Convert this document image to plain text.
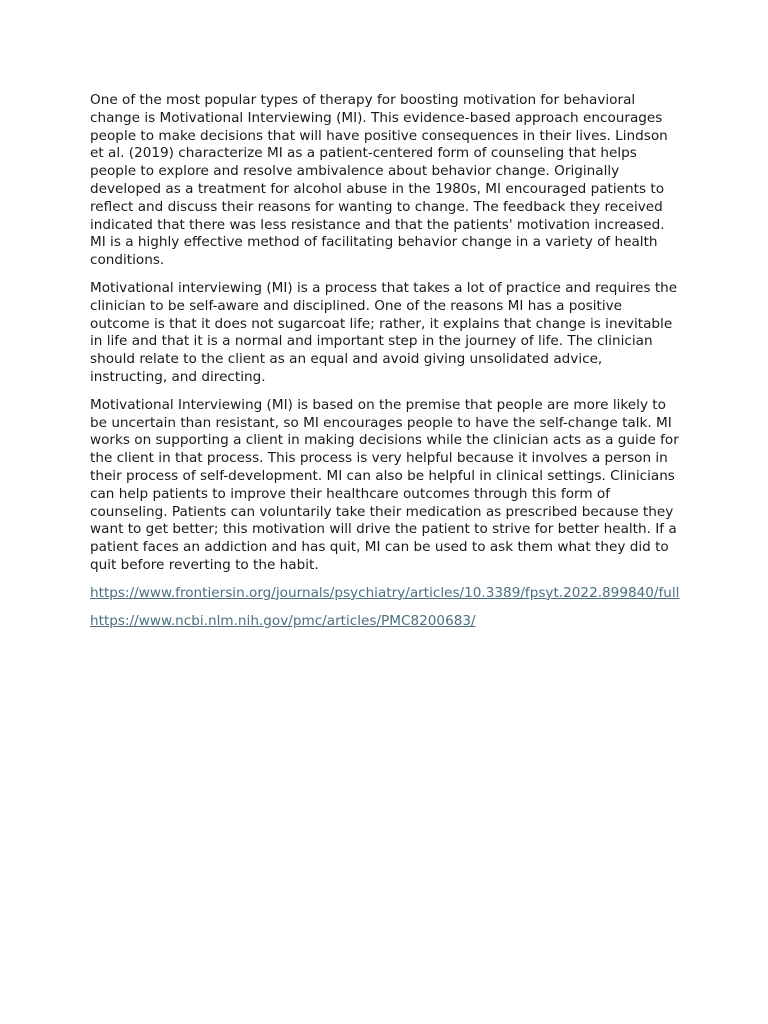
One of the most popular types of therapy for boosting motivation for behavioral change is Motivational Interviewing (MI). This evidence-based approach encourages people to make decisions that will have positive consequences in their lives. Lindson et al. (2019) characterize MI as a patient-centered form of counseling that helps people to explore and resolve ambivalence about behavior change. Originally developed as a treatment for alcohol abuse in the 1980s, MI encouraged patients to reflect and discuss their reasons for wanting to change. The feedback they received indicated that there was less resistance and that the patients' motivation increased. MI is a highly effective method of facilitating behavior change in a variety of health conditions.

Motivational interviewing (MI) is a process that takes a lot of practice and requires the clinician to be self-aware and disciplined. One of the reasons MI has a positive outcome is that it does not sugarcoat life; rather, it explains that change is inevitable in life and that it is a normal and important step in the journey of life. The clinician should relate to the client as an equal and avoid giving unsolidated advice, instructing, and directing.

Motivational Interviewing (MI) is based on the premise that people are more likely to be uncertain than resistant, so MI encourages people to have the self-change talk. MI works on supporting a client in making decisions while the clinician acts as a guide for the client in that process. This process is very helpful because it involves a person in their process of self-development. MI can also be helpful in clinical settings. Clinicians can help patients to improve their healthcare outcomes through this form of counseling. Patients can voluntarily take their medication as prescribed because they want to get better; this motivation will drive the patient to strive for better health. If a patient faces an addiction and has quit, MI can be used to ask them what they did to quit before reverting to the habit.

https://www.frontiersin.org/journals/psychiatry/articles/10.3389/fpsyt.2022.899840/full

https://www.ncbi.nlm.nih.gov/pmc/articles/PMC8200683/
